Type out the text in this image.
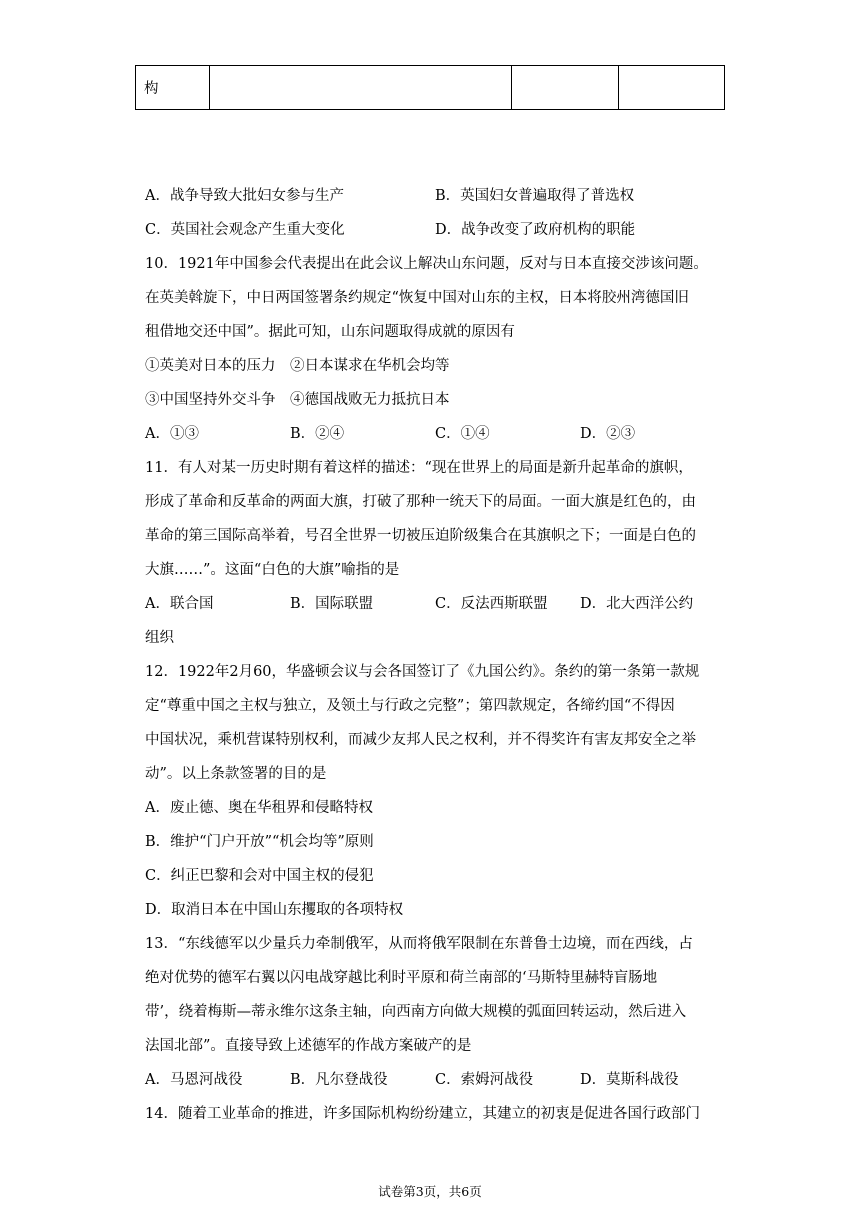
构			
A．战争导致大批妇女参与生产	B．英国妇女普遍取得了普选权
C．英国社会观念产生重大变化	D．战争改变了政府机构的职能
10．1921年中国参会代表提出在此会议上解决山东问题，反对与日本直接交涉该问题。
在英美斡旋下，中日两国签署条约规定“恢复中国对山东的主权，日本将胶州湾德国旧
租借地交还中国”。据此可知，山东问题取得成就的原因有
①英美对日本的压力　②日本谋求在华机会均等
③中国坚持外交斗争　④德国战败无力抵抗日本
A．①③	B．②④	C．①④	D．②③
11．有人对某一历史时期有着这样的描述：“现在世界上的局面是新升起革命的旗帜，
形成了革命和反革命的两面大旗，打破了那种一统天下的局面。一面大旗是红色的，由
革命的第三国际高举着，号召全世界一切被压迫阶级集合在其旗帜之下；一面是白色的
大旗……”。这面“白色的大旗”喻指的是
A．联合国	B．国际联盟	C．反法西斯联盟 D．北大西洋公约
组织
12．1922年2月60，华盛顿会议与会各国签订了《九国公约》。条约的第一条第一款规
定“尊重中国之主权与独立，及领土与行政之完整”；第四款规定，各缔约国“不得因
中国状况，乘机营谋特别权利，而减少友邦人民之权利，并不得奖许有害友邦安全之举
动”。以上条款签署的目的是
A．废止德、奥在华租界和侵略特权
B．维护“门户开放”“机会均等”原则
C．纠正巴黎和会对中国主权的侵犯
D．取消日本在中国山东攫取的各项特权
13．“东线德军以少量兵力牵制俄军，从而将俄军限制在东普鲁士边境，而在西线，占
绝对优势的德军右翼以闪电战穿越比利时平原和荷兰南部的‘马斯特里赫特盲肠地
带’，绕着梅斯—蒂永维尔这条主轴，向西南方向做大规模的弧面回转运动，然后进入
法国北部”。直接导致上述德军的作战方案破产的是
A．马恩河战役	B．凡尔登战役	C．索姆河战役	D．莫斯科战役
14．随着工业革命的推进，许多国际机构纷纷建立，其建立的初衷是促进各国行政部门
试卷第3页，共6页
